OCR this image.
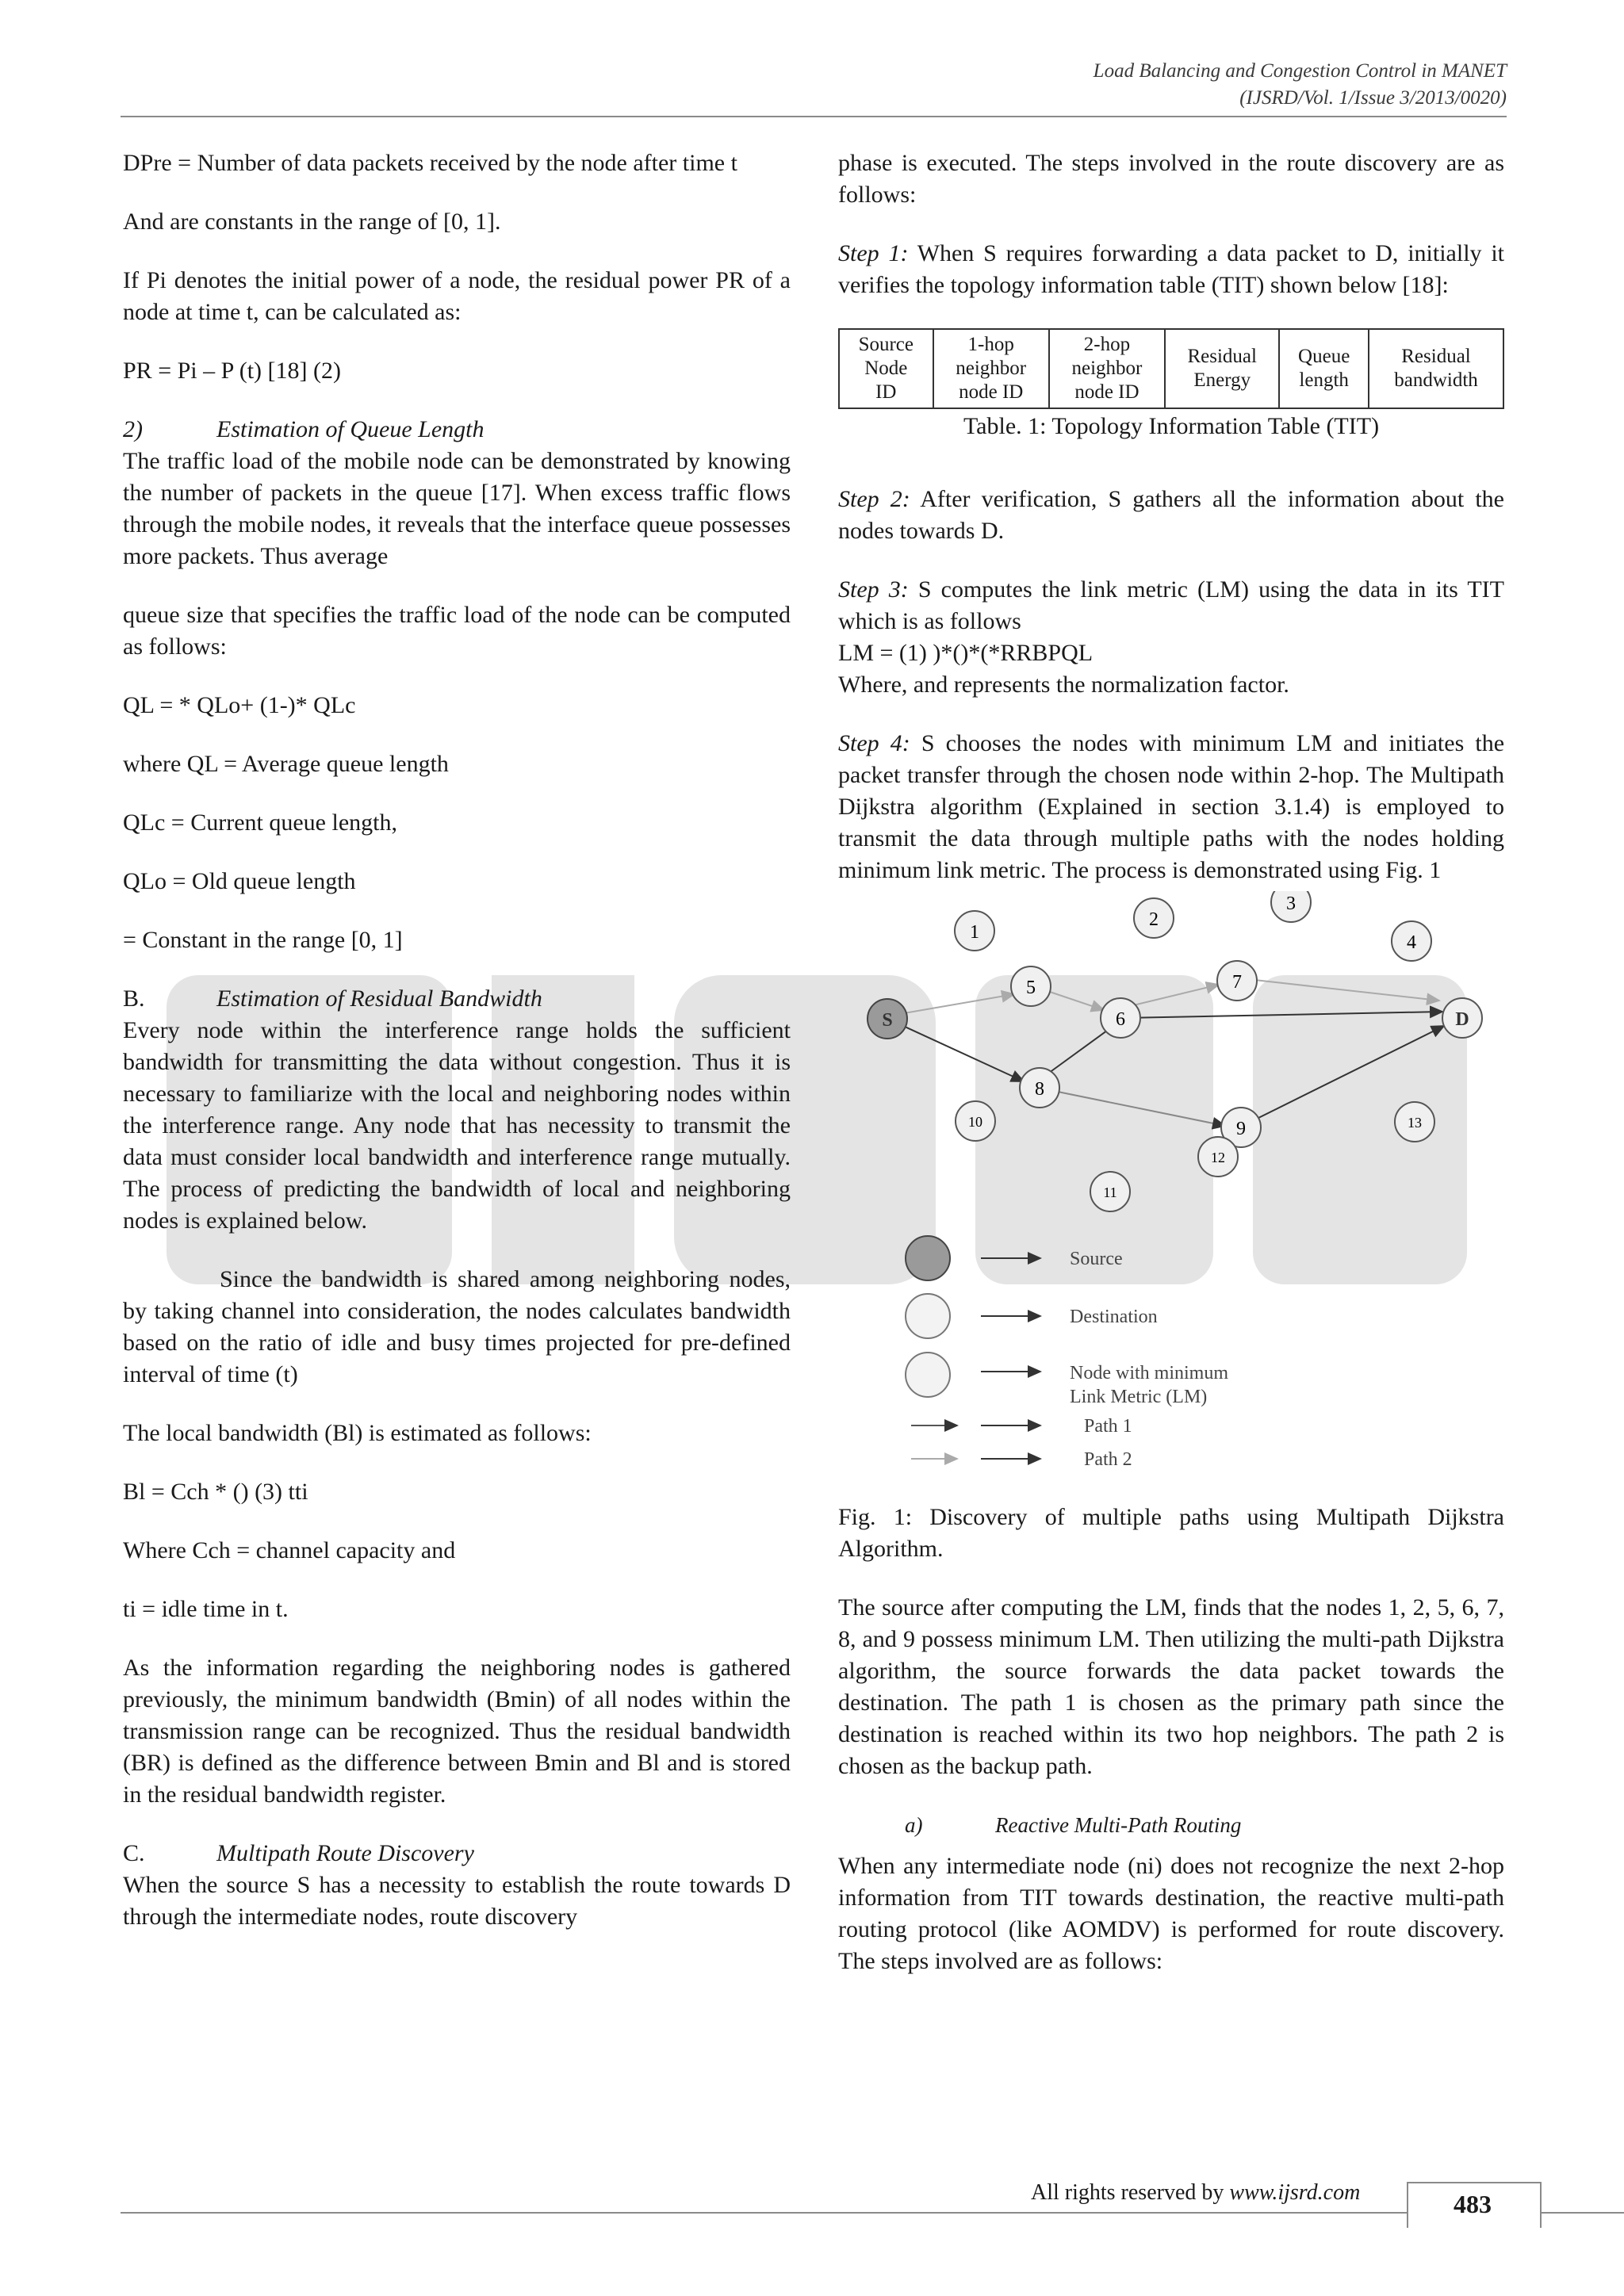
Load Balancing and Congestion Control in MANET
(IJSRD/Vol. 1/Issue 3/2013/0020)

DPre = Number of data packets received by the node after time t

And are constants in the range of [0, 1].

If Pi denotes the initial power of a node, the residual power PR of a node at time t, can be calculated as:

PR = Pi – P (t) [18] (2)

2)	Estimation of Queue Length

The traffic load of the mobile node can be demonstrated by knowing the number of packets in the queue [17]. When excess traffic flows through the mobile nodes, it reveals that the interface queue possesses more packets. Thus average

queue size that specifies the traffic load of the node can be computed as follows:

QL = * QLo+ (1-)* QLc

where QL = Average queue length

QLc = Current queue length,

QLo = Old queue length

= Constant in the range [0, 1]

B.	Estimation of Residual Bandwidth

Every node within the interference range holds the sufficient bandwidth for transmitting the data without congestion. Thus it is necessary to familiarize with the local and neighboring nodes within the interference range. Any node that has necessity to transmit the data must consider local bandwidth and interference range mutually. The process of predicting the bandwidth of local and neighboring nodes is explained below.

Since the bandwidth is shared among neighboring nodes, by taking channel into consideration, the nodes calculates bandwidth based on the ratio of idle and busy times projected for pre-defined interval of time (t)

The local bandwidth (Bl) is estimated as follows:

Bl = Cch * () (3) tti

Where Cch = channel capacity and

ti = idle time in t.

As the information regarding the neighboring nodes is gathered previously, the minimum bandwidth (Bmin) of all nodes within the transmission range can be recognized. Thus the residual bandwidth (BR) is defined as the difference between Bmin and Bl and is stored in the residual bandwidth register.

C.	Multipath Route Discovery

When the source S has a necessity to establish the route towards D through the intermediate nodes, route discovery

phase is executed. The steps involved in the route discovery are as follows:

Step 1: When S requires forwarding a data packet to D, initially it verifies the topology information table (TIT) shown below [18]:

Source
Node
ID	1-hop
neighbor
node ID	2-hop
neighbor
node ID	Residual
Energy	Queue
length	Residual
bandwidth
Table. 1: Topology Information Table (TIT)

Step 2: After verification, S gathers all the information about the nodes towards D.

Step 3: S computes the link metric (LM) using the data in its TIT which is as follows

LM = (1) )*()*(*RRBPQL

Where, and represents the normalization factor.

Step 4: S chooses the nodes with minimum LM and initiates the packet transfer through the chosen node within 2-hop. The Multipath Dijkstra algorithm (Explained in section 3.1.4) is employed to transmit the data through multiple paths with the nodes holding minimum link metric. The process is demonstrated using Fig. 1

1
2
3
4
5
6
7
8
9
10
11
12
13
S	D
Source
Destination
Node with minimum
Link Metric (LM)
Path 1
Path 2

Fig. 1: Discovery of multiple paths using Multipath Dijkstra Algorithm.

The source after computing the LM, finds that the nodes 1, 2, 5, 6, 7, 8, and 9 possess minimum LM. Then utilizing the multi-path Dijkstra algorithm, the source forwards the data packet towards the destination. The path 1 is chosen as the primary path since the destination is reached within its two hop neighbors. The path 2 is chosen as the backup path.

a)	Reactive Multi-Path Routing

When any intermediate node (ni) does not recognize the next 2-hop information from TIT towards destination, the reactive multi-path routing protocol (like AOMDV) is performed for route discovery. The steps involved are as follows:

All rights reserved by www.ijsrd.com	483
